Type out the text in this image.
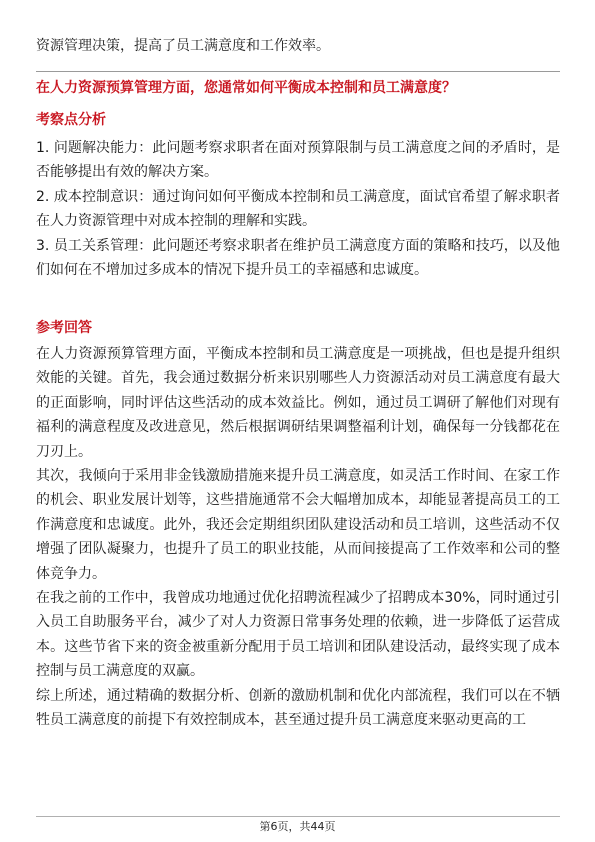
资源管理决策，提高了员工满意度和工作效率。
在人力资源预算管理方面，您通常如何平衡成本控制和员工满意度？
考察点分析

1. 问题解决能力：此问题考察求职者在面对预算限制与员工满意度之间的矛盾时，是否能够提出有效的解决方案。

2. 成本控制意识：通过询问如何平衡成本控制和员工满意度，面试官希望了解求职者在人力资源管理中对成本控制的理解和实践。

3. 员工关系管理：此问题还考察求职者在维护员工满意度方面的策略和技巧，以及他们如何在不增加过多成本的情况下提升员工的幸福感和忠诚度。

参考回答

在人力资源预算管理方面，平衡成本控制和员工满意度是一项挑战，但也是提升组织效能的关键。首先，我会通过数据分析来识别哪些人力资源活动对员工满意度有最大的正面影响，同时评估这些活动的成本效益比。例如，通过员工调研了解他们对现有福利的满意程度及改进意见，然后根据调研结果调整福利计划，确保每一分钱都花在刀刃上。

其次，我倾向于采用非金钱激励措施来提升员工满意度，如灵活工作时间、在家工作的机会、职业发展计划等，这些措施通常不会大幅增加成本，却能显著提高员工的工作满意度和忠诚度。此外，我还会定期组织团队建设活动和员工培训，这些活动不仅增强了团队凝聚力，也提升了员工的职业技能，从而间接提高了工作效率和公司的整体竞争力。

在我之前的工作中，我曾成功地通过优化招聘流程减少了招聘成本30%，同时通过引入员工自助服务平台，减少了对人力资源日常事务处理的依赖，进一步降低了运营成本。这些节省下来的资金被重新分配用于员工培训和团队建设活动，最终实现了成本控制与员工满意度的双赢。

综上所述，通过精确的数据分析、创新的激励机制和优化内部流程，我们可以在不牺牲员工满意度的前提下有效控制成本，甚至通过提升员工满意度来驱动更高的工

第6页，共44页
